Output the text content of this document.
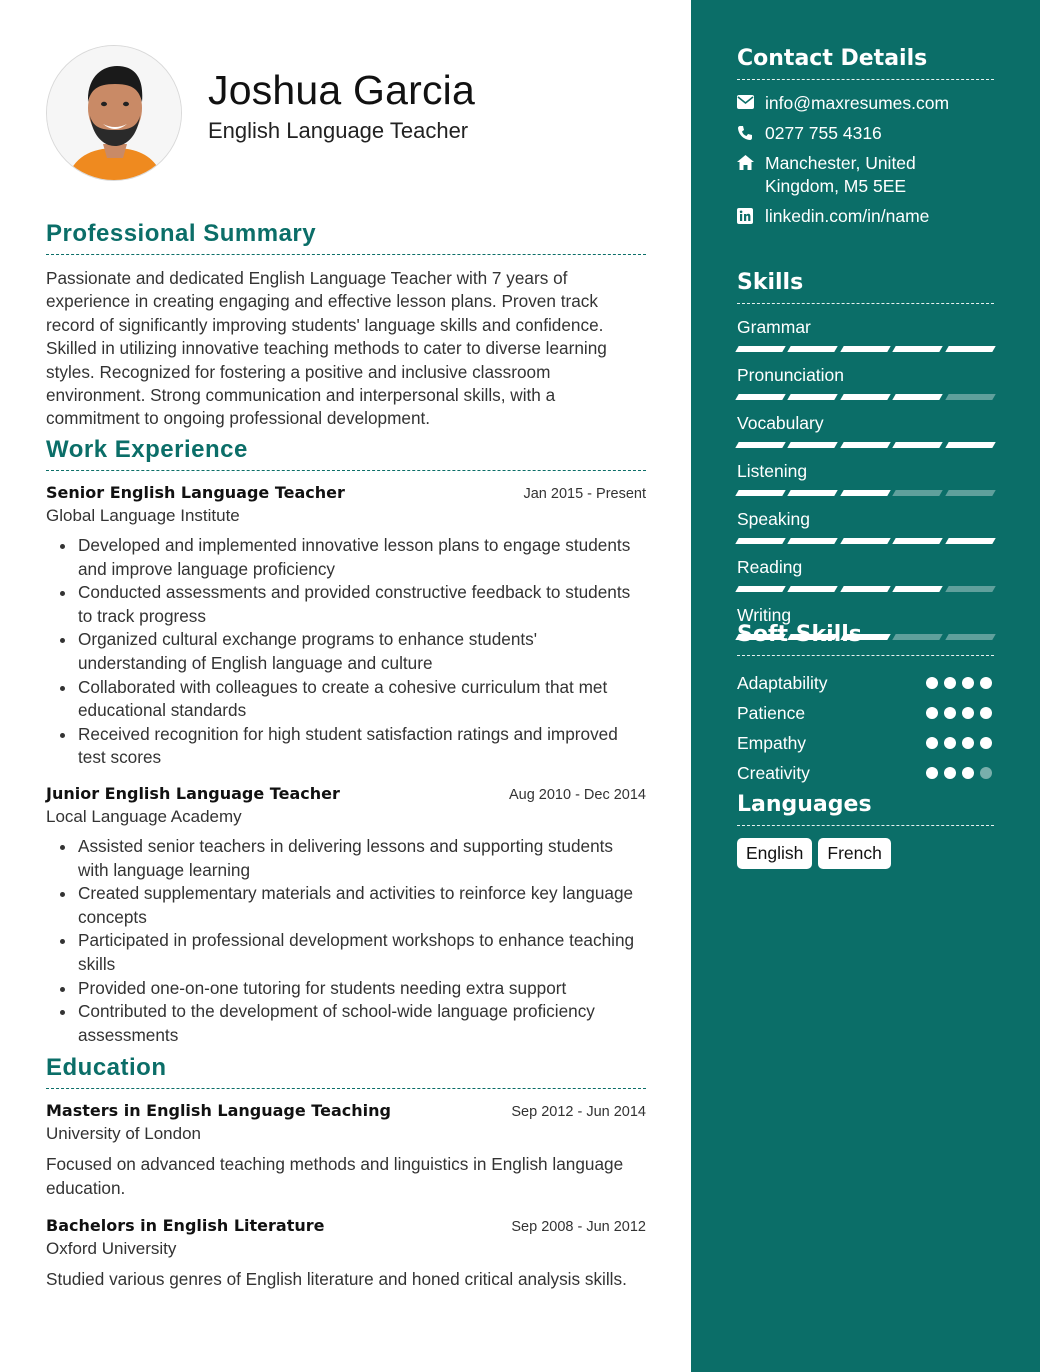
Joshua Garcia
English Language Teacher
Professional Summary

Passionate and dedicated English Language Teacher with 7 years of experience in creating engaging and effective lesson plans. Proven track record of significantly improving students' language skills and confidence. Skilled in utilizing innovative teaching methods to cater to diverse learning styles. Recognized for fostering a positive and inclusive classroom environment. Strong communication and interpersonal skills, with a commitment to ongoing professional development.

Work Experience
Senior English Language Teacher	Jan 2015 - Present
Global Language Institute
Developed and implemented innovative lesson plans to engage students and improve language proficiency
Conducted assessments and provided constructive feedback to students to track progress
Organized cultural exchange programs to enhance students' understanding of English language and culture
Collaborated with colleagues to create a cohesive curriculum that met educational standards
Received recognition for high student satisfaction ratings and improved test scores
Junior English Language Teacher	Aug 2010 - Dec 2014
Local Language Academy
Assisted senior teachers in delivering lessons and supporting students with language learning
Created supplementary materials and activities to reinforce key language concepts
Participated in professional development workshops to enhance teaching skills
Provided one-on-one tutoring for students needing extra support
Contributed to the development of school-wide language proficiency assessments
Education
Masters in English Language Teaching	Sep 2012 - Jun 2014
University of London

Focused on advanced teaching methods and linguistics in English language education.

Bachelors in English Literature	Sep 2008 - Jun 2012
Oxford University

Studied various genres of English literature and honed critical analysis skills.

Contact Details
info@maxresumes.com
0277 755 4316
Manchester, United
Kingdom, M5 5EE
linkedin.com/in/name
Skills
Grammar
Pronunciation
Vocabulary
Listening
Speaking
Reading
Writing
Soft Skills
Adaptability
Patience
Empathy
Creativity
Languages
English	French
